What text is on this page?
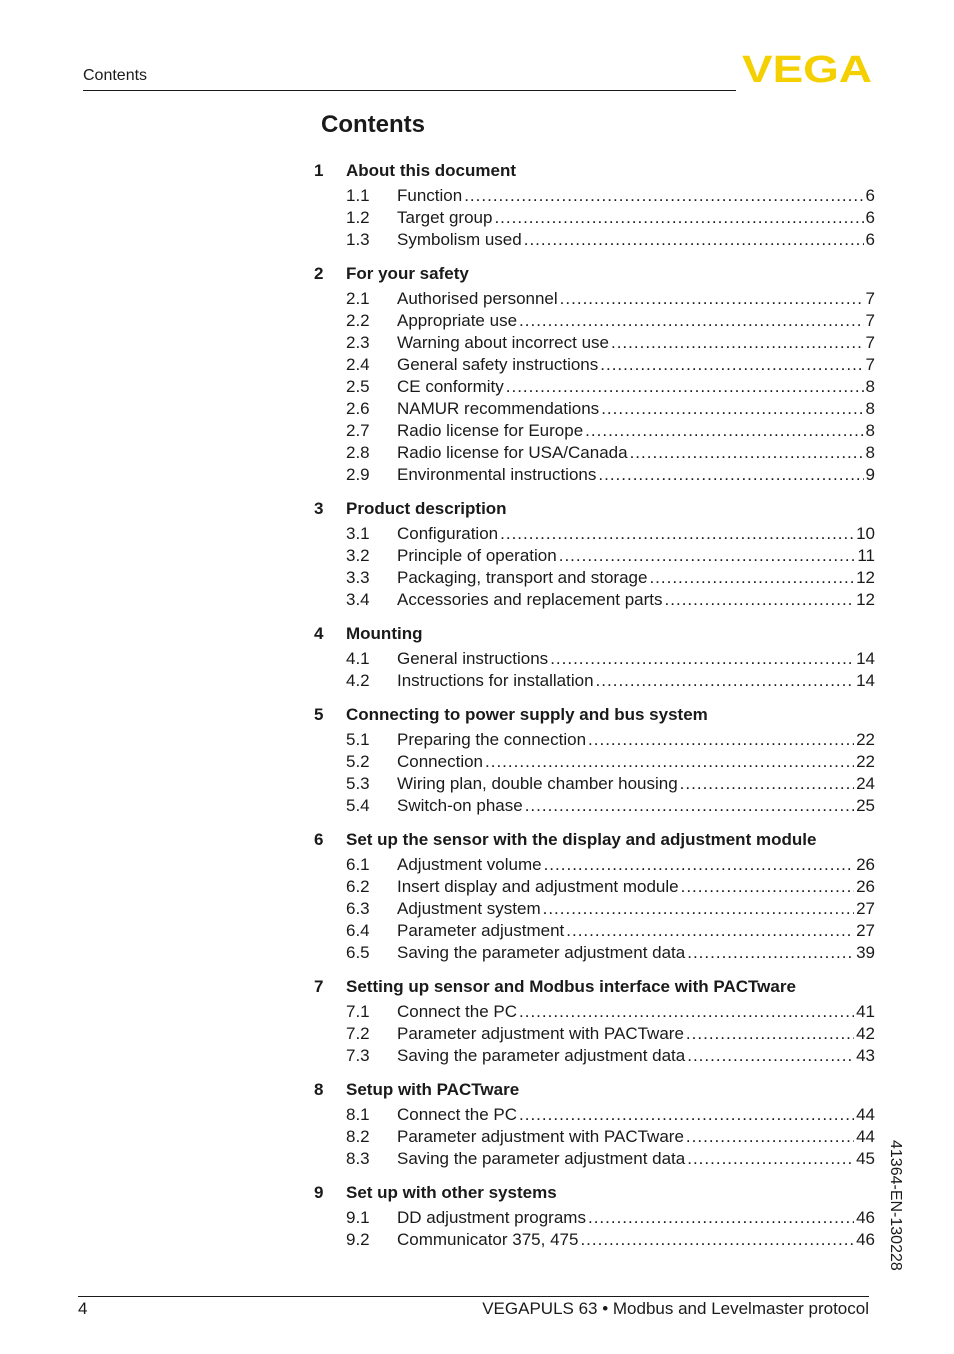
Contents	VEGA
Contents
1	About this document
1.1	Function .....	6
1.2	Target group .....	6
1.3	Symbolism used .....	6
2	For your safety
2.1	Authorised personnel .....	7
2.2	Appropriate use .....	7
2.3	Warning about incorrect use .....	7
2.4	General safety instructions .....	7
2.5	CE conformity .....	8
2.6	NAMUR recommendations .....	8
2.7	Radio license for Europe .....	8
2.8	Radio license for USA/Canada .....	8
2.9	Environmental instructions .....	9
3	Product description
3.1	Configuration .....	10
3.2	Principle of operation .....	11
3.3	Packaging, transport and storage .....	12
3.4	Accessories and replacement parts .....	12
4	Mounting
4.1	General instructions .....	14
4.2	Instructions for installation .....	14
5	Connecting to power supply and bus system
5.1	Preparing the connection .....	22
5.2	Connection .....	22
5.3	Wiring plan, double chamber housing .....	24
5.4	Switch-on phase .....	25
6	Set up the sensor with the display and adjustment module
6.1	Adjustment volume .....	26
6.2	Insert display and adjustment module .....	26
6.3	Adjustment system .....	27
6.4	Parameter adjustment .....	27
6.5	Saving the parameter adjustment data .....	39
7	Setting up sensor and Modbus interface with PACTware
7.1	Connect the PC .....	41
7.2	Parameter adjustment with PACTware .....	42
7.3	Saving the parameter adjustment data .....	43
8	Setup with PACTware
8.1	Connect the PC .....	44
8.2	Parameter adjustment with PACTware .....	44
8.3	Saving the parameter adjustment data .....	45
9	Set up with other systems
9.1	DD adjustment programs .....	46
9.2	Communicator 375, 475 .....	46 41364-EN-130228
4	VEGAPULS 63 • Modbus and Levelmaster protocol
